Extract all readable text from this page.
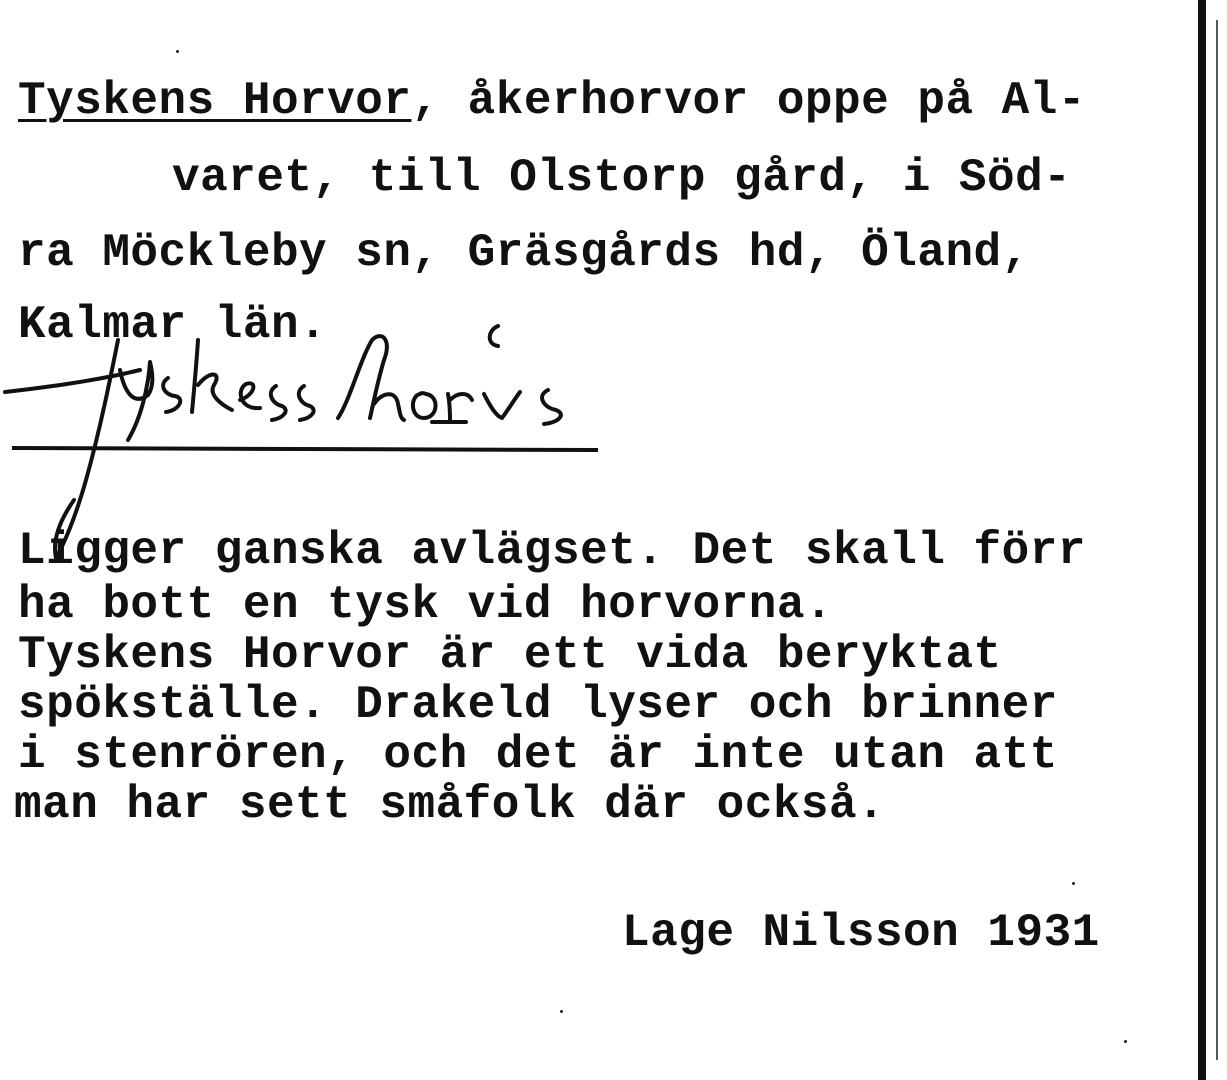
Tyskens Horvor, åkerhorvor oppe på Al-
varet, till Olstorp gård, i Söd-
ra Möckleby sn, Gräsgårds hd, Öland,
Kalmar län.
Ligger ganska avlägset. Det skall förr
ha bott en tysk vid horvorna.
Tyskens Horvor är ett vida beryktat
spökställe. Drakeld lyser och brinner
i stenrören, och det är inte utan att
man har sett småfolk där också.
Lage Nilsson 1931
